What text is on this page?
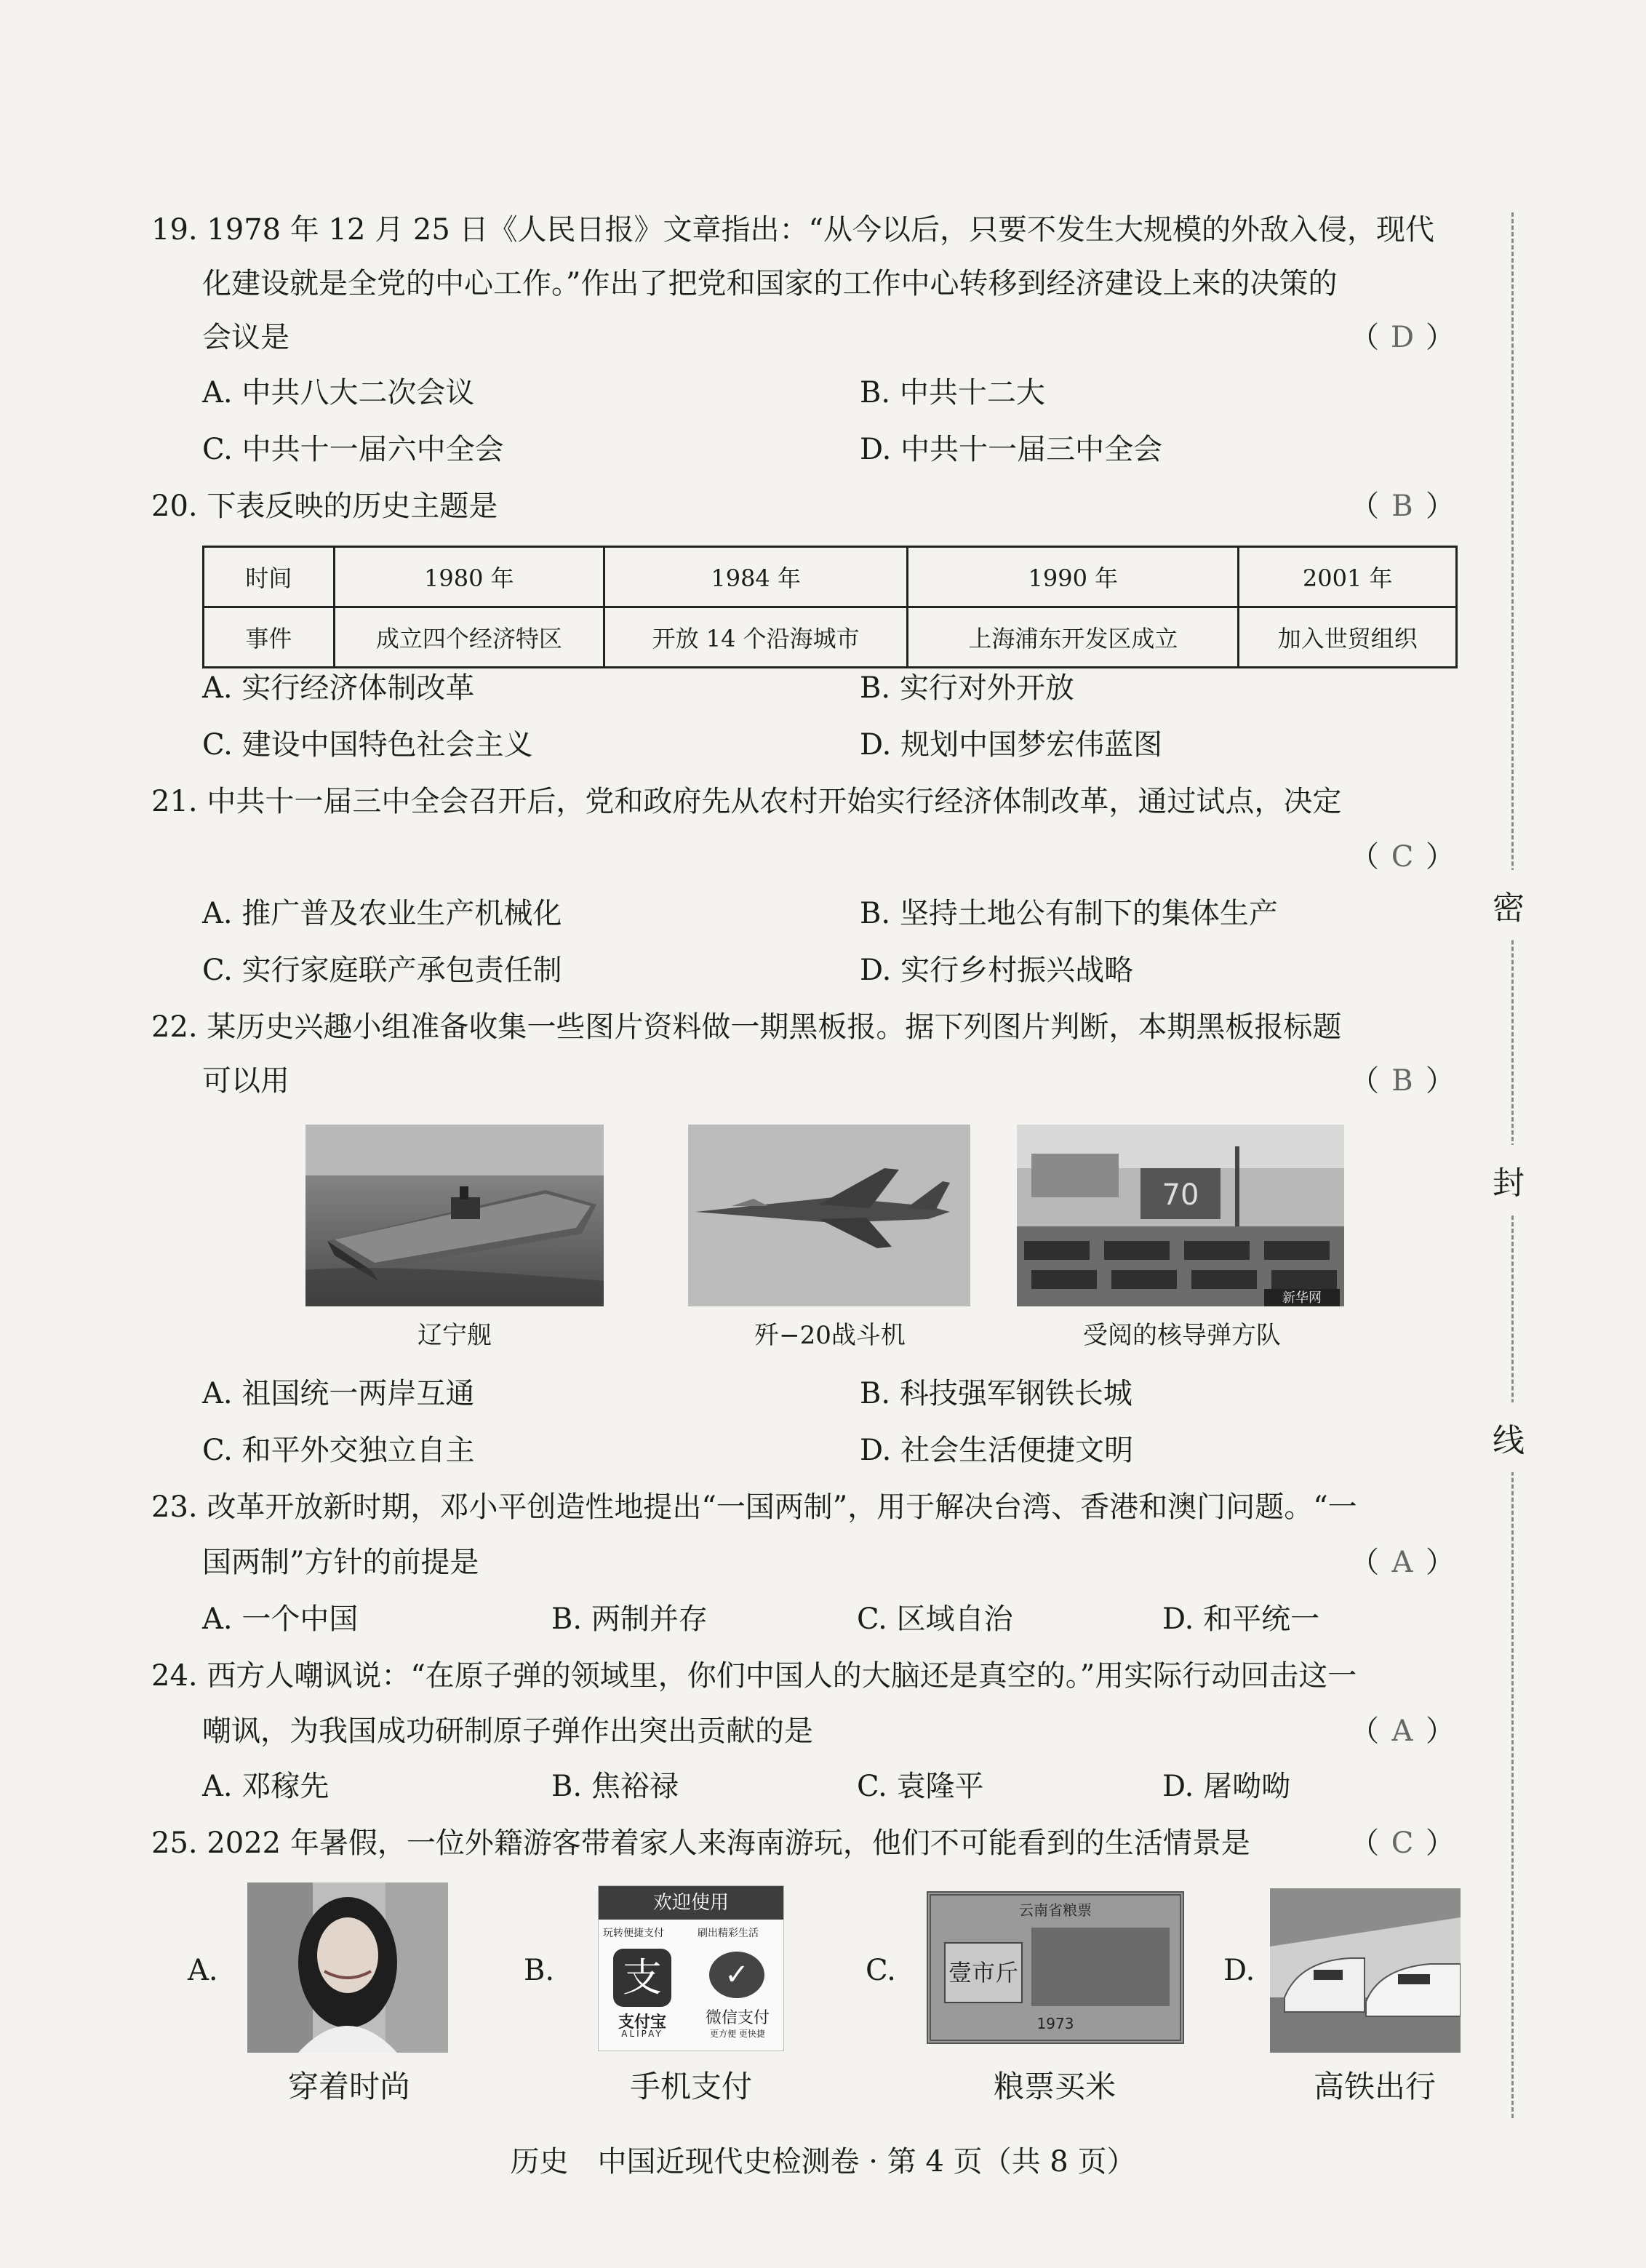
19. 1978 年 12 月 25 日《人民日报》文章指出：“从今以后，只要不发生大规模的外敌入侵，现代
化建设就是全党的中心工作。”作出了把党和国家的工作中心转移到经济建设上来的决策的
会议是	（ D ）
A. 中共八大二次会议	B. 中共十二大
C. 中共十一届六中全会	D. 中共十一届三中全会
20. 下表反映的历史主题是	（ B ）
时间	1980 年	1984 年	1990 年	2001 年
事件	成立四个经济特区	开放 14 个沿海城市	上海浦东开发区成立	加入世贸组织
A. 实行经济体制改革	B. 实行对外开放
C. 建设中国特色社会主义	D. 规划中国梦宏伟蓝图
21. 中共十一届三中全会召开后，党和政府先从农村开始实行经济体制改革，通过试点，决定
（ C ）
A. 推广普及农业生产机械化	B. 坚持土地公有制下的集体生产
C. 实行家庭联产承包责任制	D. 实行乡村振兴战略
22. 某历史兴趣小组准备收集一些图片资料做一期黑板报。据下列图片判断，本期黑板报标题
可以用	（ B ）
70
新华网
辽宁舰	歼−20战斗机	受阅的核导弹方队
A. 祖国统一两岸互通	B. 科技强军钢铁长城
C. 和平外交独立自主	D. 社会生活便捷文明
23. 改革开放新时期，邓小平创造性地提出“一国两制”，用于解决台湾、香港和澳门问题。“一
国两制”方针的前提是	（ A ）
A. 一个中国	B. 两制并存	C. 区域自治	D. 和平统一
24. 西方人嘲讽说：“在原子弹的领域里，你们中国人的大脑还是真空的。”用实际行动回击这一
嘲讽，为我国成功研制原子弹作出突出贡献的是	（ A ）
A. 邓稼先	B. 焦裕禄	C. 袁隆平	D. 屠呦呦
25. 2022 年暑假，一位外籍游客带着家人来海南游玩，他们不可能看到的生活情景是	（ C ）
A.	B.	C.	D.
欢迎使用
玩转便捷支付	刷出精彩生活
支	✓
支付宝
ALIPAY
微信支付
更方便 更快捷
云南省粮票
壹市斤
1973
穿着时尚	手机支付	粮票买米	高铁出行
密
封
线
历史　中国近现代史检测卷 · 第 4 页（共 8 页）
